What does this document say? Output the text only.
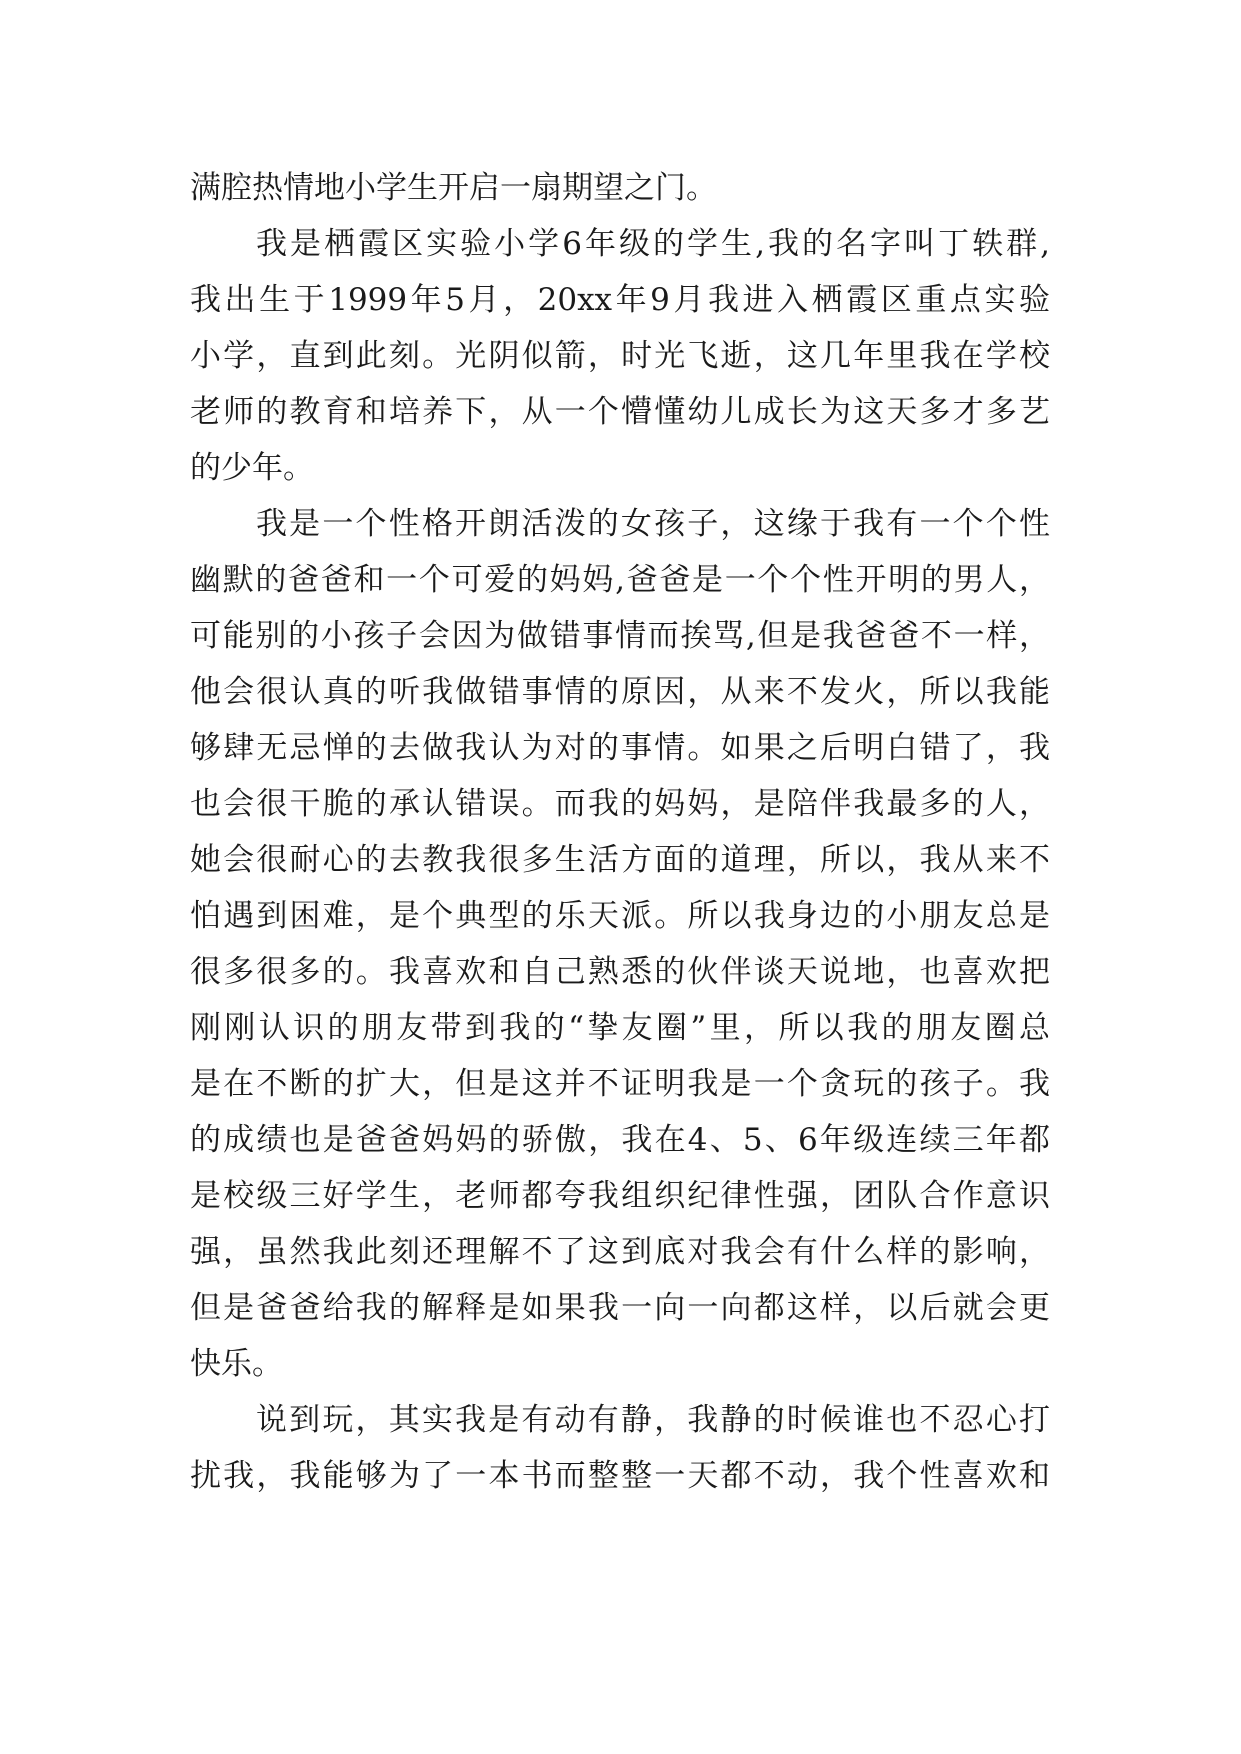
满腔热情地小学生开启一扇期望之门。
我是栖霞区实验小学6年级的学生,我的名字叫丁轶群,
我出生于1999年5月，20xx年9月我进入栖霞区重点实验
小学，直到此刻。光阴似箭，时光飞逝，这几年里我在学校
老师的教育和培养下，从一个懵懂幼儿成长为这天多才多艺
的少年。
我是一个性格开朗活泼的女孩子，这缘于我有一个个性
幽默的爸爸和一个可爱的妈妈,爸爸是一个个性开明的男人，
可能别的小孩子会因为做错事情而挨骂,但是我爸爸不一样，
他会很认真的听我做错事情的原因，从来不发火，所以我能
够肆无忌惮的去做我认为对的事情。如果之后明白错了，我
也会很干脆的承认错误。而我的妈妈，是陪伴我最多的人，
她会很耐心的去教我很多生活方面的道理，所以，我从来不
怕遇到困难，是个典型的乐天派。所以我身边的小朋友总是
很多很多的。我喜欢和自己熟悉的伙伴谈天说地，也喜欢把
刚刚认识的朋友带到我的“挚友圈”里，所以我的朋友圈总
是在不断的扩大，但是这并不证明我是一个贪玩的孩子。我
的成绩也是爸爸妈妈的骄傲，我在4、5、6年级连续三年都
是校级三好学生，老师都夸我组织纪律性强，团队合作意识
强，虽然我此刻还理解不了这到底对我会有什么样的影响，
但是爸爸给我的解释是如果我一向一向都这样，以后就会更
快乐。
说到玩，其实我是有动有静，我静的时候谁也不忍心打
扰我，我能够为了一本书而整整一天都不动，我个性喜欢和
